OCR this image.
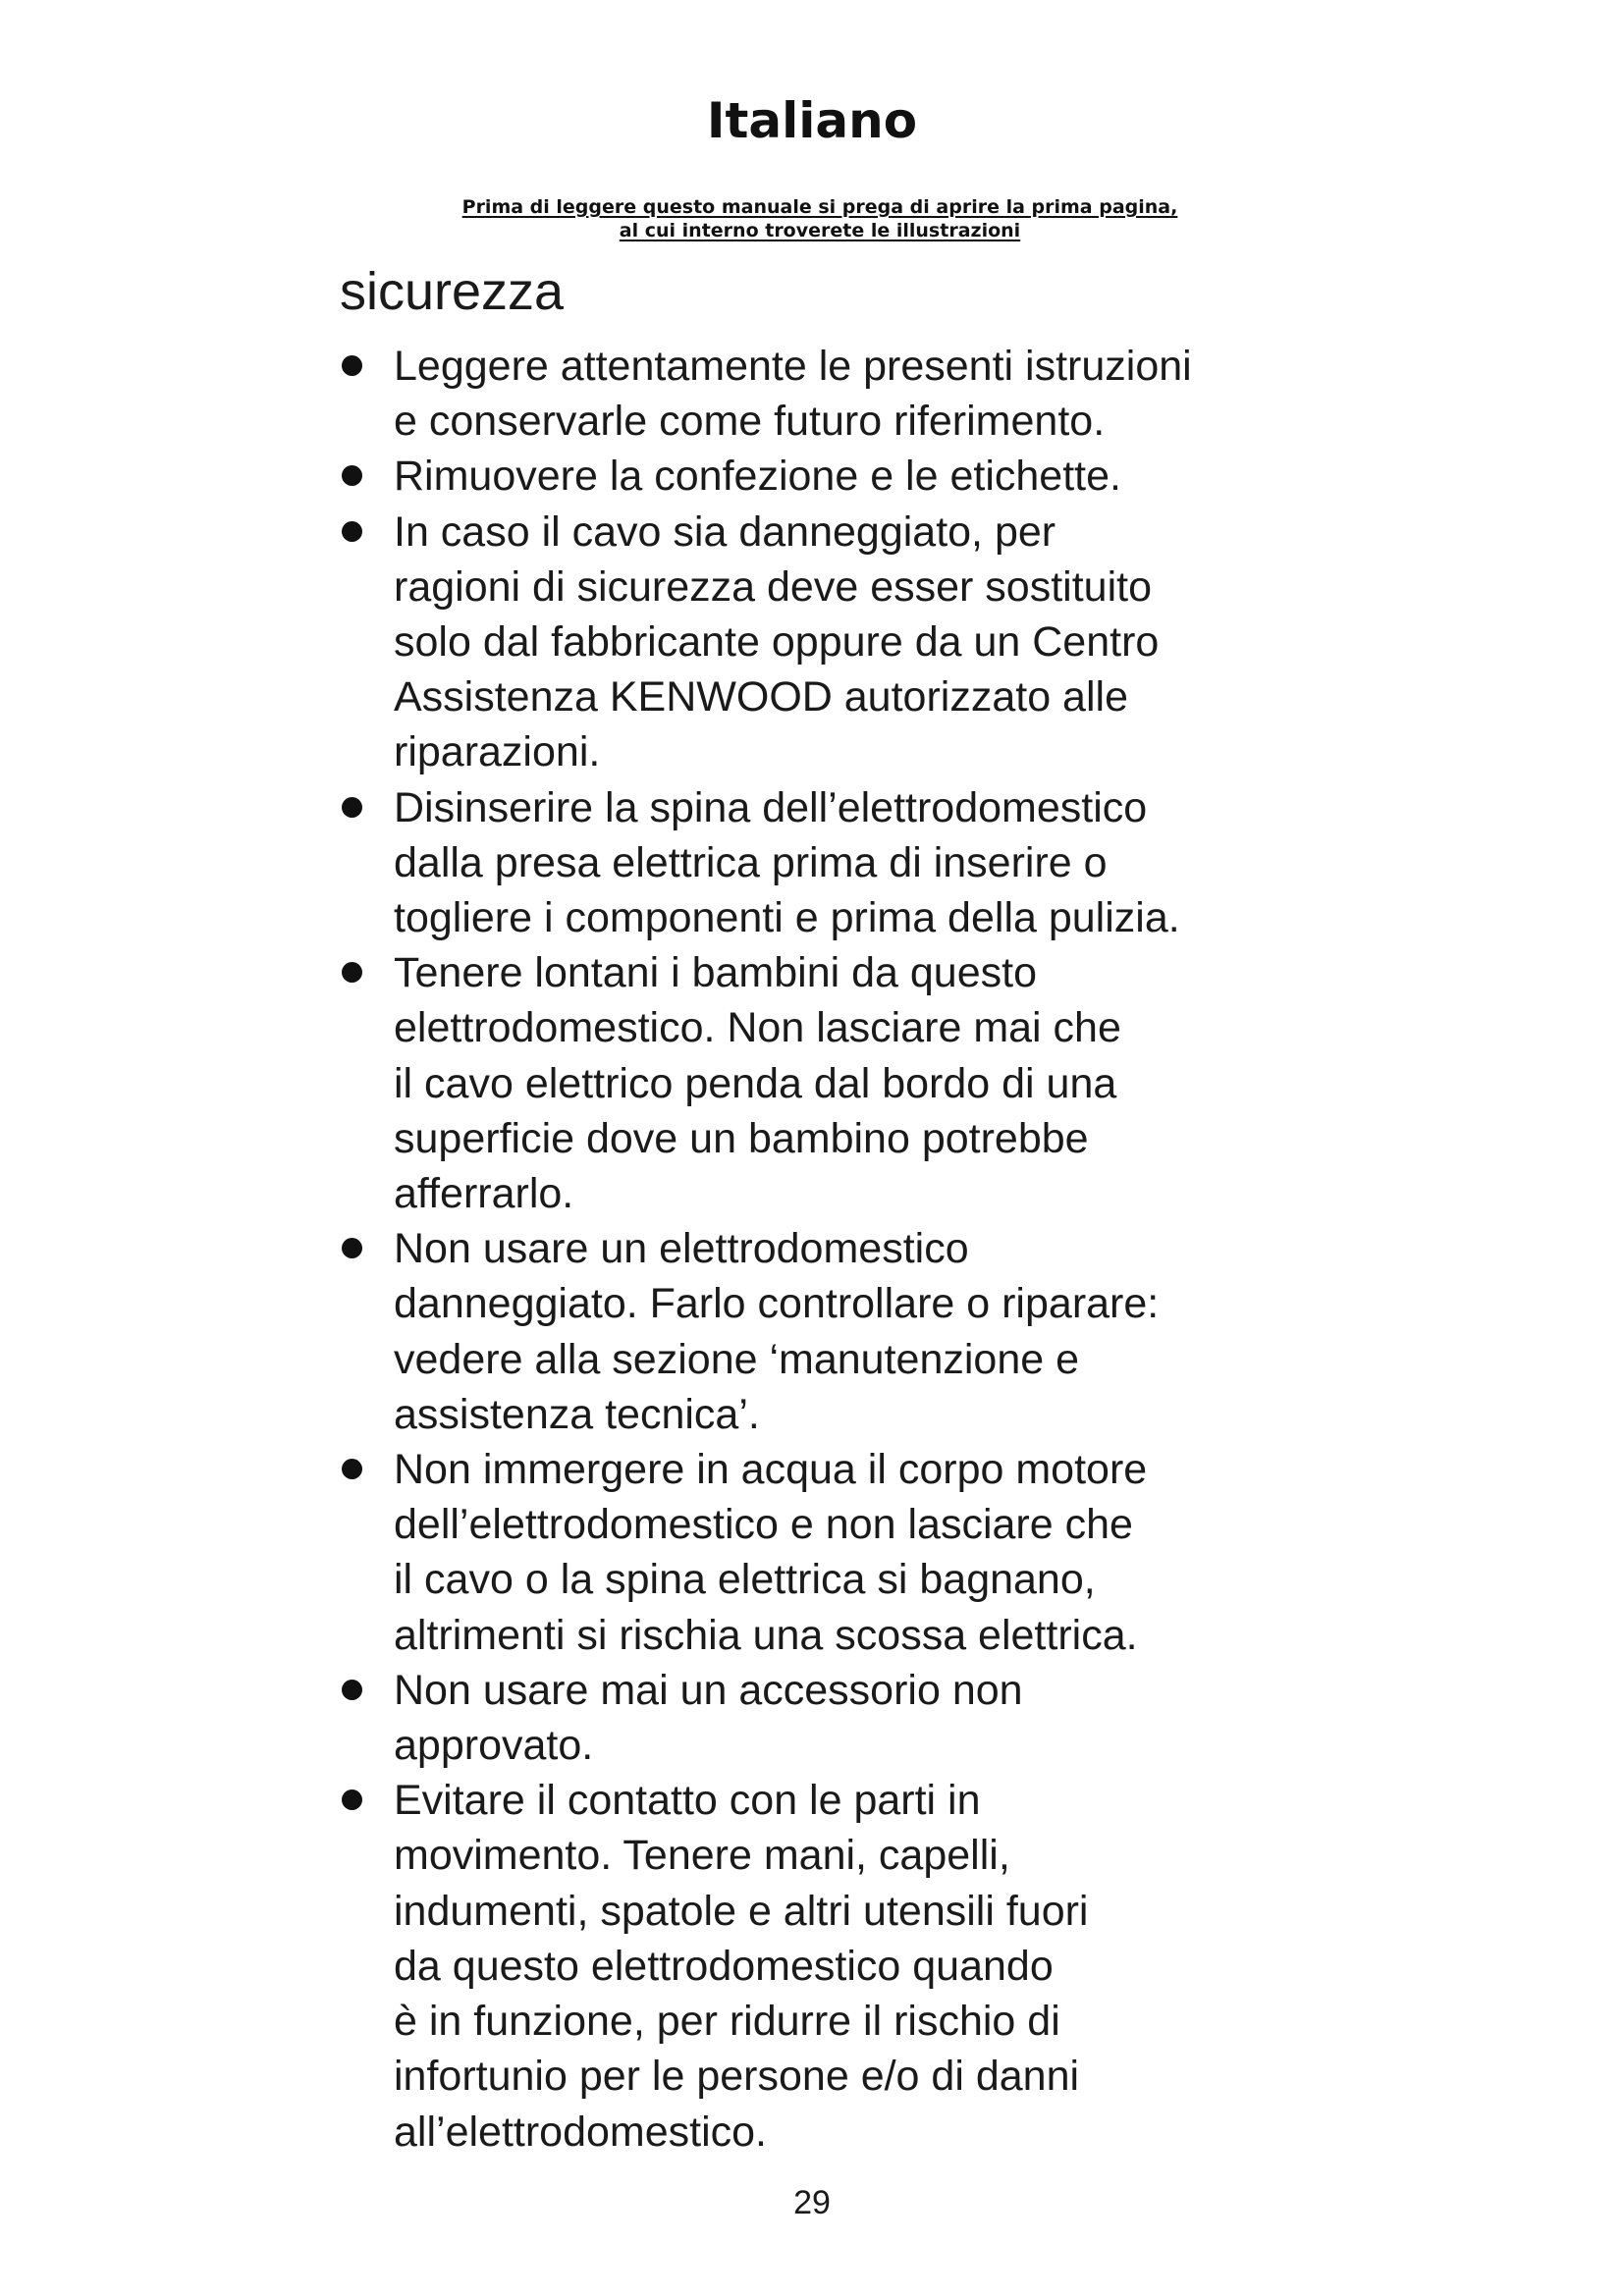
Italiano
Prima di leggere questo manuale si prega di aprire la prima pagina,
al cui interno troverete le illustrazioni
sicurezza
Leggere attentamente le presenti istruzioni
e conservarle come futuro riferimento.
Rimuovere la confezione e le etichette.
In caso il cavo sia danneggiato, per
ragioni di sicurezza deve esser sostituito
solo dal fabbricante oppure da un Centro
Assistenza KENWOOD autorizzato alle
riparazioni.
Disinserire la spina dell’elettrodomestico
dalla presa elettrica prima di inserire o
togliere i componenti e prima della pulizia.
Tenere lontani i bambini da questo
elettrodomestico. Non lasciare mai che
il cavo elettrico penda dal bordo di una
superficie dove un bambino potrebbe
afferrarlo.
Non usare un elettrodomestico
danneggiato. Farlo controllare o riparare:
vedere alla sezione ‘manutenzione e
assistenza tecnica’.
Non immergere in acqua il corpo motore
dell’elettrodomestico e non lasciare che
il cavo o la spina elettrica si bagnano,
altrimenti si rischia una scossa elettrica.
Non usare mai un accessorio non
approvato.
Evitare il contatto con le parti in
movimento. Tenere mani, capelli,
indumenti, spatole e altri utensili fuori
da questo elettrodomestico quando
è in funzione, per ridurre il rischio di
infortunio per le persone e/o di danni
all’elettrodomestico.
29
